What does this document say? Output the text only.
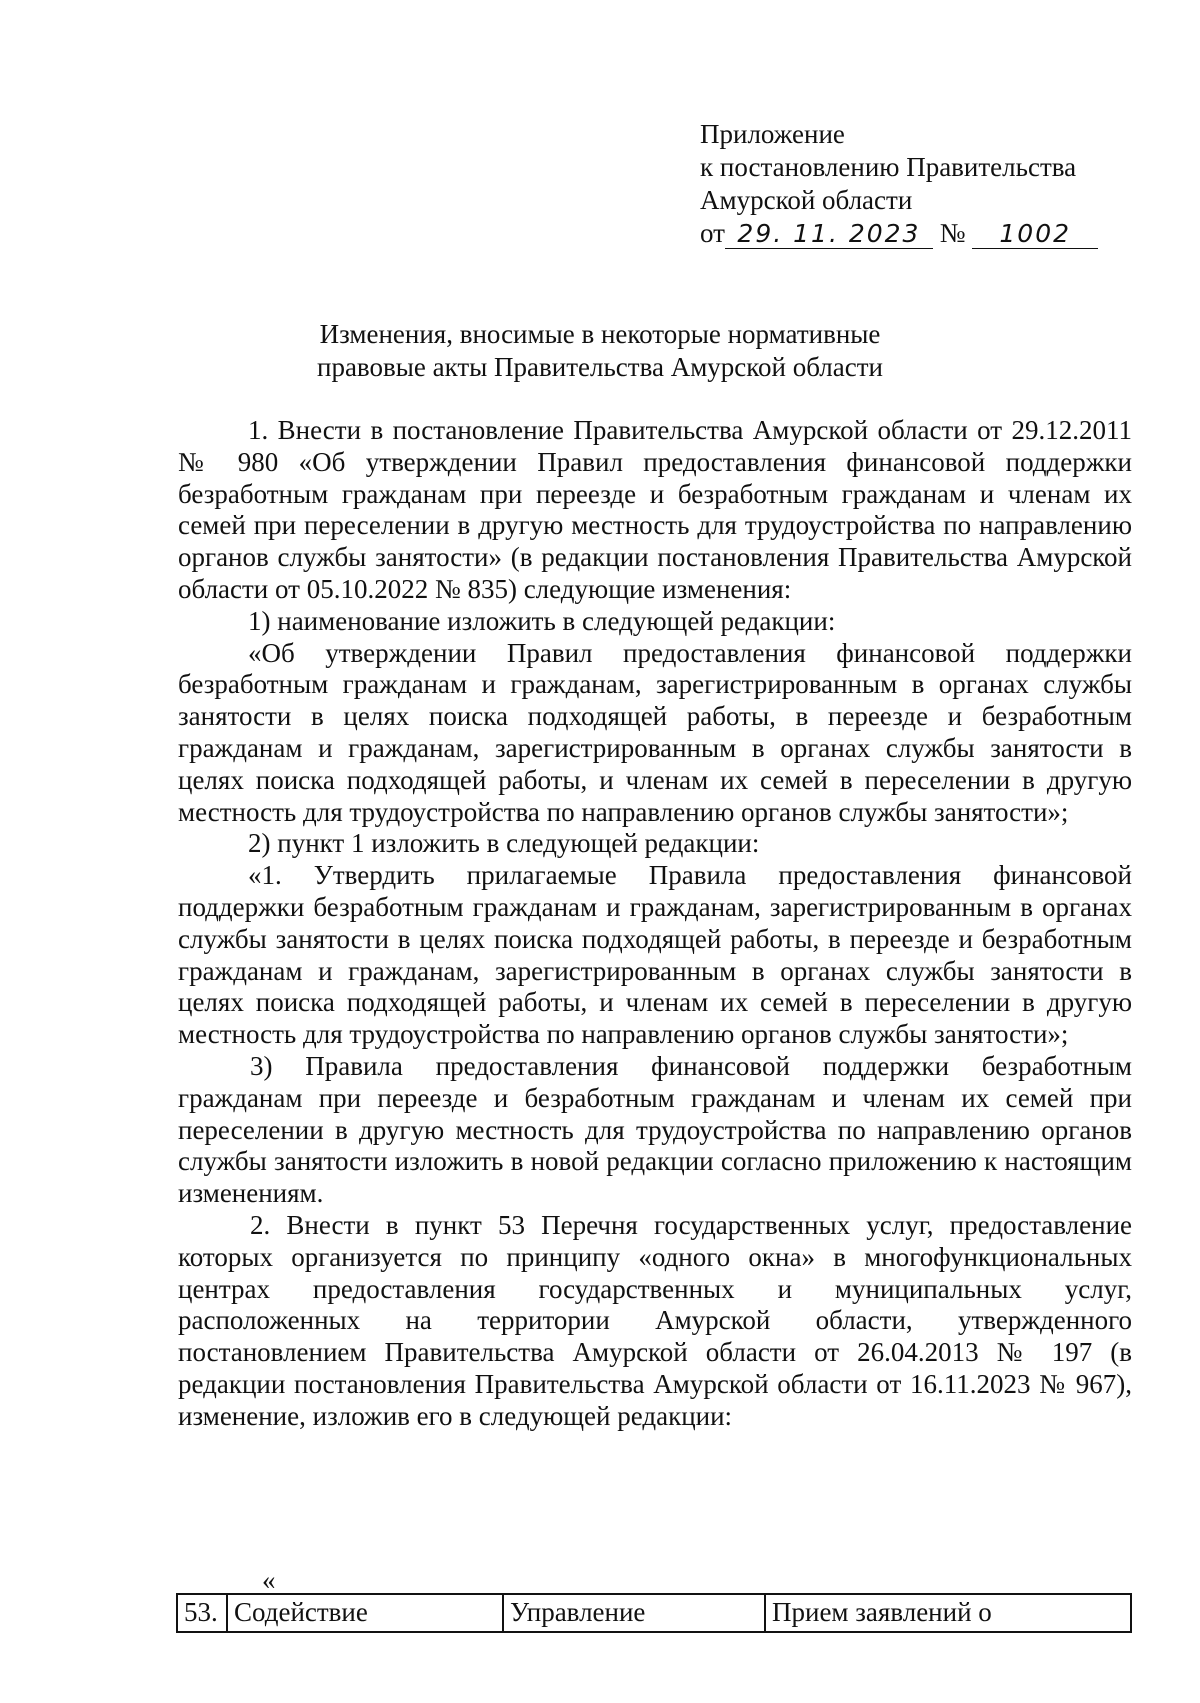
Приложение
к постановлению Правительства
Амурской области
от 29. 11. 2023 № 1002
Изменения, вносимые в некоторые нормативные
правовые акты Правительства Амурской области

1. Внести в постановление Правительства Амурской области от 29.12.2011 № 980 «Об утверждении Правил предоставления финансовой поддержки безработным гражданам при переезде и безработным гражданам и членам их семей при переселении в другую местность для трудоустройства по направлению органов службы занятости» (в редакции постановления Правительства Амурской области от 05.10.2022 № 835) следующие изменения:

1) наименование изложить в следующей редакции:

«Об утверждении Правил предоставления финансовой поддержки безработным гражданам и гражданам, зарегистрированным в органах службы занятости в целях поиска подходящей работы, в переезде и безработным гражданам и гражданам, зарегистрированным в органах службы занятости в целях поиска подходящей работы, и членам их семей в переселении в другую местность для трудоустройства по направлению органов службы занятости»;

2) пункт 1 изложить в следующей редакции:

«1. Утвердить прилагаемые Правила предоставления финансовой поддержки безработным гражданам и гражданам, зарегистрированным в органах службы занятости в целях поиска подходящей работы, в переезде и безработным гражданам и гражданам, зарегистрированным в органах службы занятости в целях поиска подходящей работы, и членам их семей в переселении в другую местность для трудоустройства по направлению органов службы занятости»;

3) Правила предоставления финансовой поддержки безработным гражданам при переезде и безработным гражданам и членам их семей при переселении в другую местность для трудоустройства по направлению органов службы занятости изложить в новой редакции согласно приложению к настоящим изменениям.

2. Внести в пункт 53 Перечня государственных услуг, предоставление которых организуется по принципу «одного окна» в многофункциональных центрах предоставления государственных и муниципальных услуг, расположенных на территории Амурской области, утвержденного постановлением Правительства Амурской области от 26.04.2013 № 197 (в редакции постановления Правительства Амурской области от 16.11.2023 № 967), изменение, изложив его в следующей редакции:

«
53.	Содействие	Управление	Прием заявлений о
